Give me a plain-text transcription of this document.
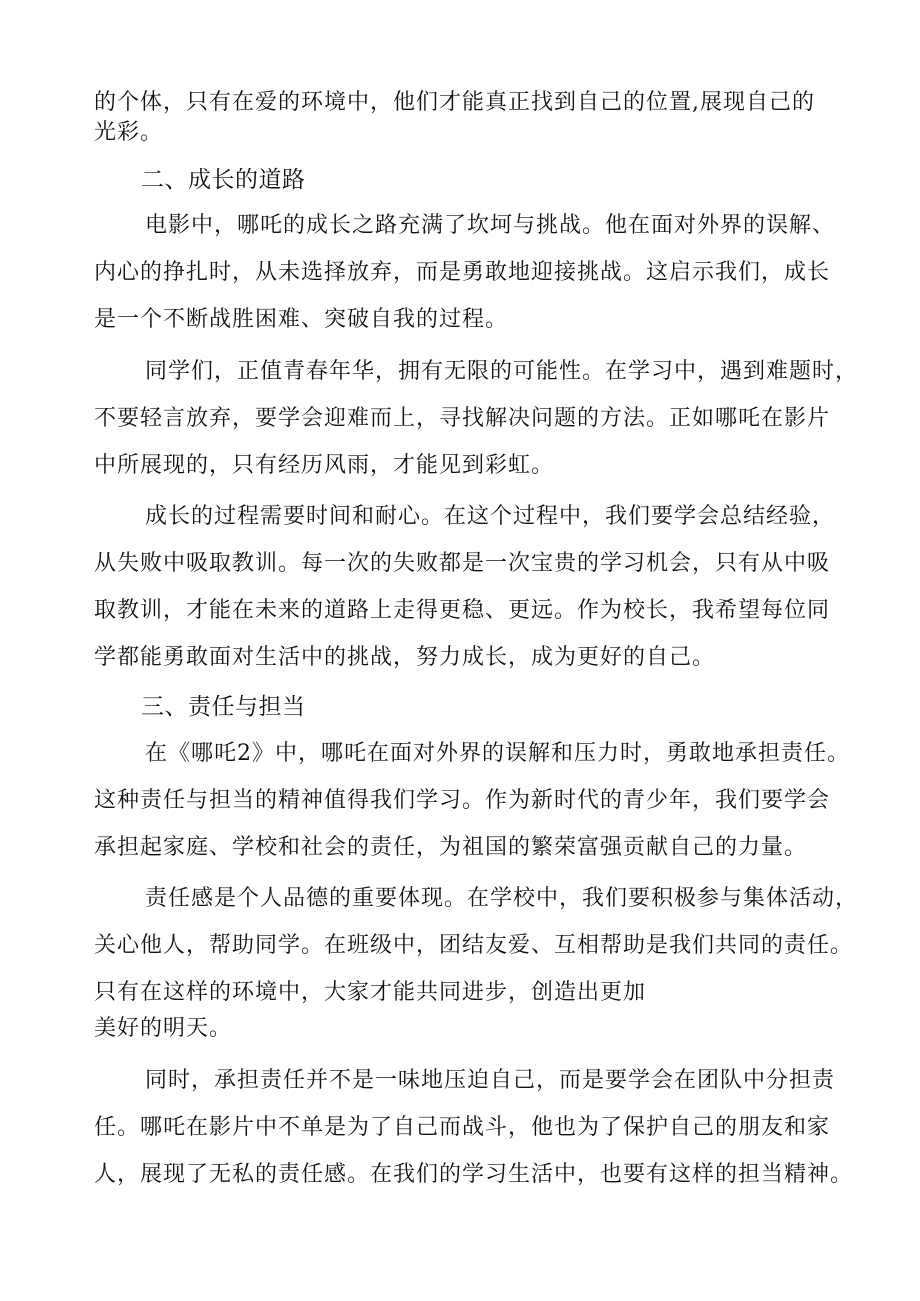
的个体，只有在爱的环境中，他们才能真正找到自己的位置,展现自己的
光彩。
二、成长的道路
电影中，哪吒的成长之路充满了坎坷与挑战。他在面对外界的误解、
内心的挣扎时，从未选择放弃，而是勇敢地迎接挑战。这启示我们，成长
是一个不断战胜困难、突破自我的过程。
同学们，正值青春年华，拥有无限的可能性。在学习中，遇到难题时，
不要轻言放弃，要学会迎难而上，寻找解决问题的方法。正如哪吒在影片
中所展现的，只有经历风雨，才能见到彩虹。
成长的过程需要时间和耐心。在这个过程中，我们要学会总结经验，
从失败中吸取教训。每一次的失败都是一次宝贵的学习机会，只有从中吸
取教训，才能在未来的道路上走得更稳、更远。作为校长，我希望每位同
学都能勇敢面对生活中的挑战，努力成长，成为更好的自己。
三、责任与担当
在《哪吒2》中，哪吒在面对外界的误解和压力时，勇敢地承担责任。
这种责任与担当的精神值得我们学习。作为新时代的青少年，我们要学会
承担起家庭、学校和社会的责任，为祖国的繁荣富强贡献自己的力量。
责任感是个人品德的重要体现。在学校中，我们要积极参与集体活动，
关心他人，帮助同学。在班级中，团结友爱、互相帮助是我们共同的责任。
只有在这样的环境中，大家才能共同进步，创造出更加
美好的明天。
同时，承担责任并不是一味地压迫自己，而是要学会在团队中分担责
任。哪吒在影片中不单是为了自己而战斗，他也为了保护自己的朋友和家
人，展现了无私的责任感。在我们的学习生活中，也要有这样的担当精神。
